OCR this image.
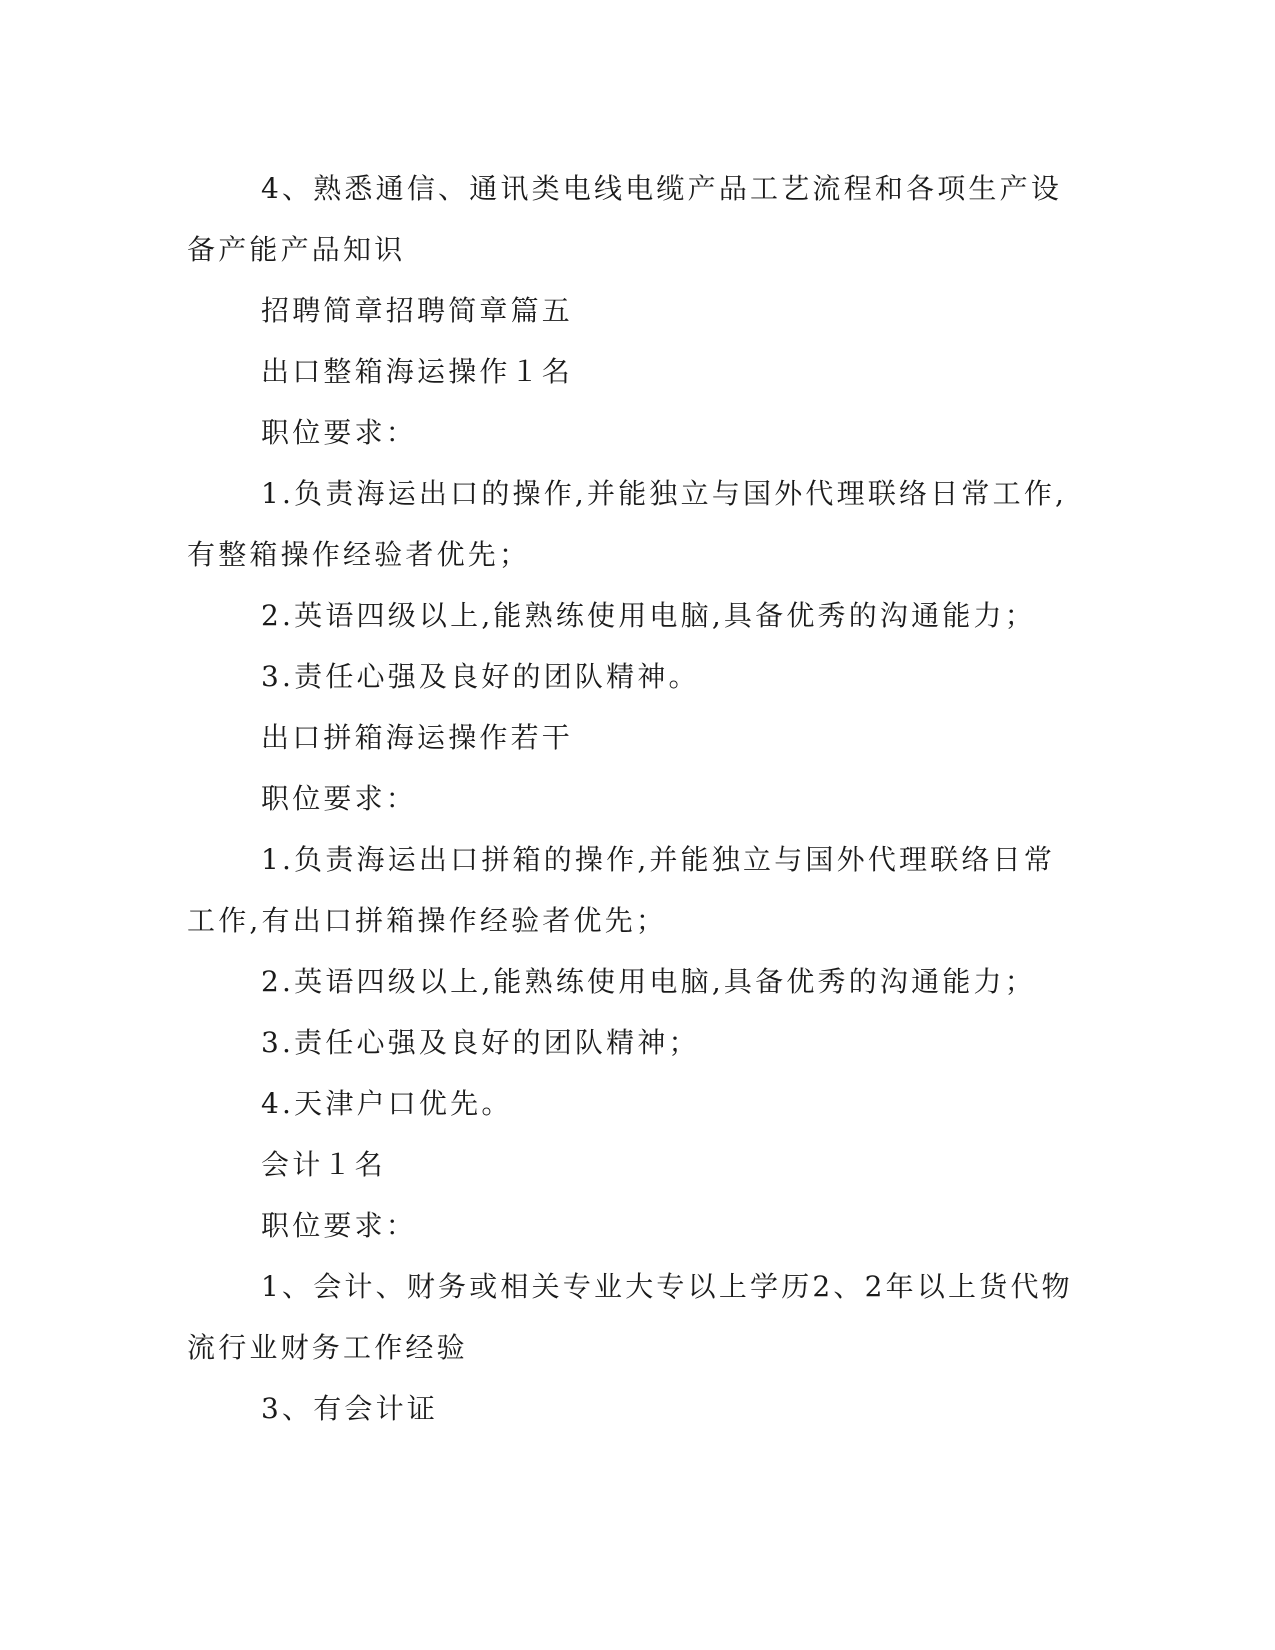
4、熟悉通信、通讯类电线电缆产品工艺流程和各项生产设备产能产品知识

招聘简章招聘简章篇五

出口整箱海运操作１名

职位要求：

1.负责海运出口的操作,并能独立与国外代理联络日常工作,有整箱操作经验者优先；

2.英语四级以上,能熟练使用电脑,具备优秀的沟通能力；

3.责任心强及良好的团队精神。

出口拼箱海运操作若干

职位要求：

1.负责海运出口拼箱的操作,并能独立与国外代理联络日常工作,有出口拼箱操作经验者优先；

2.英语四级以上,能熟练使用电脑,具备优秀的沟通能力；

3.责任心强及良好的团队精神；

4.天津户口优先。

会计１名

职位要求：

1、会计、财务或相关专业大专以上学历2、2年以上货代物流行业财务工作经验

3、有会计证
